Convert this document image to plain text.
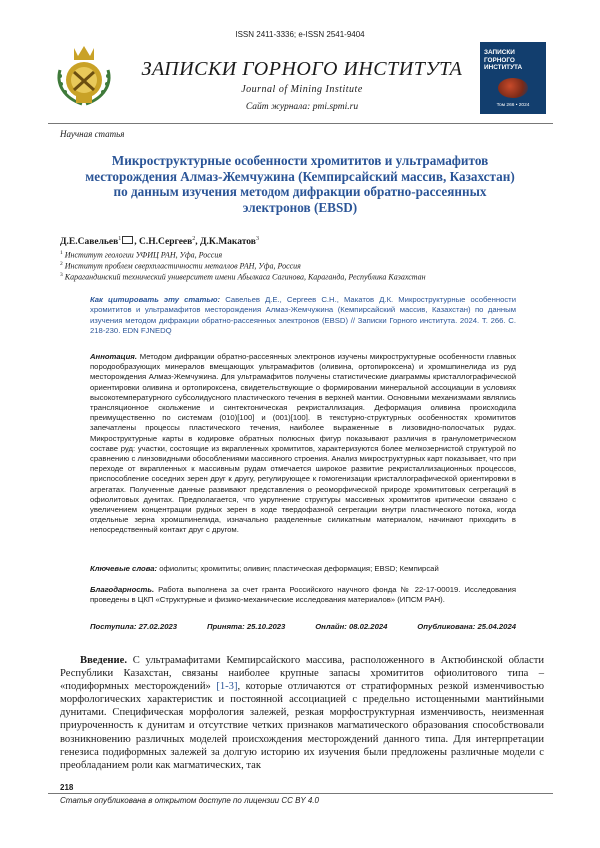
ISSN 2411-3336; e-ISSN 2541-9404
ЗАПИСКИ ГОРНОГО ИНСТИТУТА
Journal of Mining Institute
Сайт журнала: pmi.spmi.ru
ЗАПИСКИ
ГОРНОГО
ИНСТИТУТА
Том 266 • 2024
Научная статья
Микроструктурные особенности хромититов и ультрамафитов месторождения Алмаз-Жемчужина (Кемпирсайский массив, Казахстан) по данным изучения методом дифракции обратно-рассеянных электронов (EBSD)
Д.Е.Савельев$^1$ , С.Н.Сергеев$^2$, Д.К.Макатов$^3$
$^1$ Институт геологии УФИЦ РАН, Уфа, Россия
$^2$ Институт проблем сверхпластичности металлов РАН, Уфа, Россия
$^3$ Карагандинский технический университет имени Абылкаса Сагинова, Караганда, Республика Казахстан
Как цитировать эту статью: Савельев Д.Е., Сергеев С.Н., Макатов Д.К. Микроструктурные особенности хромититов и ультрамафитов месторождения Алмаз-Жемчужина (Кемпирсайский массив, Казахстан) по данным изучения методом дифракции обратно-рассеянных электронов (EBSD) // Записки Горного института. 2024. Т. 266. С. 218-230. EDN FJNEDQ
Аннотация. Методом дифракции обратно-рассеянных электронов изучены микроструктурные особенности главных породообразующих минералов вмещающих ультрамафитов (оливина, ортопироксена) и хромшпинелида из руд месторождения Алмаз-Жемчужина. Для ультрамафитов получены статистические диаграммы кристаллографической ориентировки оливина и ортопироксена, свидетельствующие о формировании минеральной ассоциации в условиях высокотемпературного субсолидусного пластического течения в верхней мантии. Основными механизмами являлись трансляционное скольжение и синтектоническая рекристаллизация. Деформация оливина происходила преимущественно по системам (010)[100] и (001)[100]. В текстурно-структурных особенностях хромититов запечатлены процессы пластического течения, наиболее выраженные в лизовидно-полосчатых рудах. Микроструктурные карты в кодировке обратных полюсных фигур показывают различия в гранулометрическом составе руд: участки, состоящие из вкрапленных хромититов, характеризуются более мелкозернистой структурой по сравнению с линзовидными обособлениями массивного строения. Анализ микроструктурных карт показывает, что при переходе от вкрапленных к массивным рудам отмечается широкое развитие рекристаллизационных процессов, приспособление соседних зерен друг к другу, регулирующее к гомогенизации кристаллографической ориентировки в агрегатах. Полученные данные развивают представления о реоморфической природе хромититовых сегрегаций в офиолитовых дунитах. Предполагается, что укрупнение структуры массивных хромититов критически связано с увеличением концентрации рудных зерен в ходе твердофазной сегрегации внутри пластического потока, когда отдельные зерна хромшпинелида, изначально разделенные силикатным материалом, начинают приходить в непосредственный контакт друг с другом.
Ключевые слова: офиолиты; хромититы; оливин; пластическая деформация; EBSD; Кемпирсай
Благодарность. Работа выполнена за счет гранта Российского научного фонда № 22-17-00019. Исследования проведены в ЦКП «Структурные и физико-механические исследования материалов» (ИПСМ РАН).
Поступила: 27.02.2023	Принята: 25.10.2023	Онлайн: 08.02.2024	Опубликована: 25.04.2024
Введение. С ультрамафитами Кемпирсайского массива, расположенного в Актюбинской области Республики Казахстан, связаны наиболее крупные запасы хромититов офиолитового типа – «подиформных месторождений» [1-3], которые отличаются от стратиформных резкой изменчивостью морфологических характеристик и постоянной ассоциацией с предельно истощенными мантийными дунитами. Специфическая морфология залежей, резкая морфоструктурная изменчивость, неизменная приуроченность к дунитам и отсутствие четких признаков магматического образования способствовали возникновению различных моделей происхождения месторождений данного типа. Для интерпретации генезиса подиформных залежей за долгую историю их изучения были предложены различные модели с преобладанием роли как магматических, так
218
Статья опубликована в открытом доступе по лицензии CC BY 4.0
